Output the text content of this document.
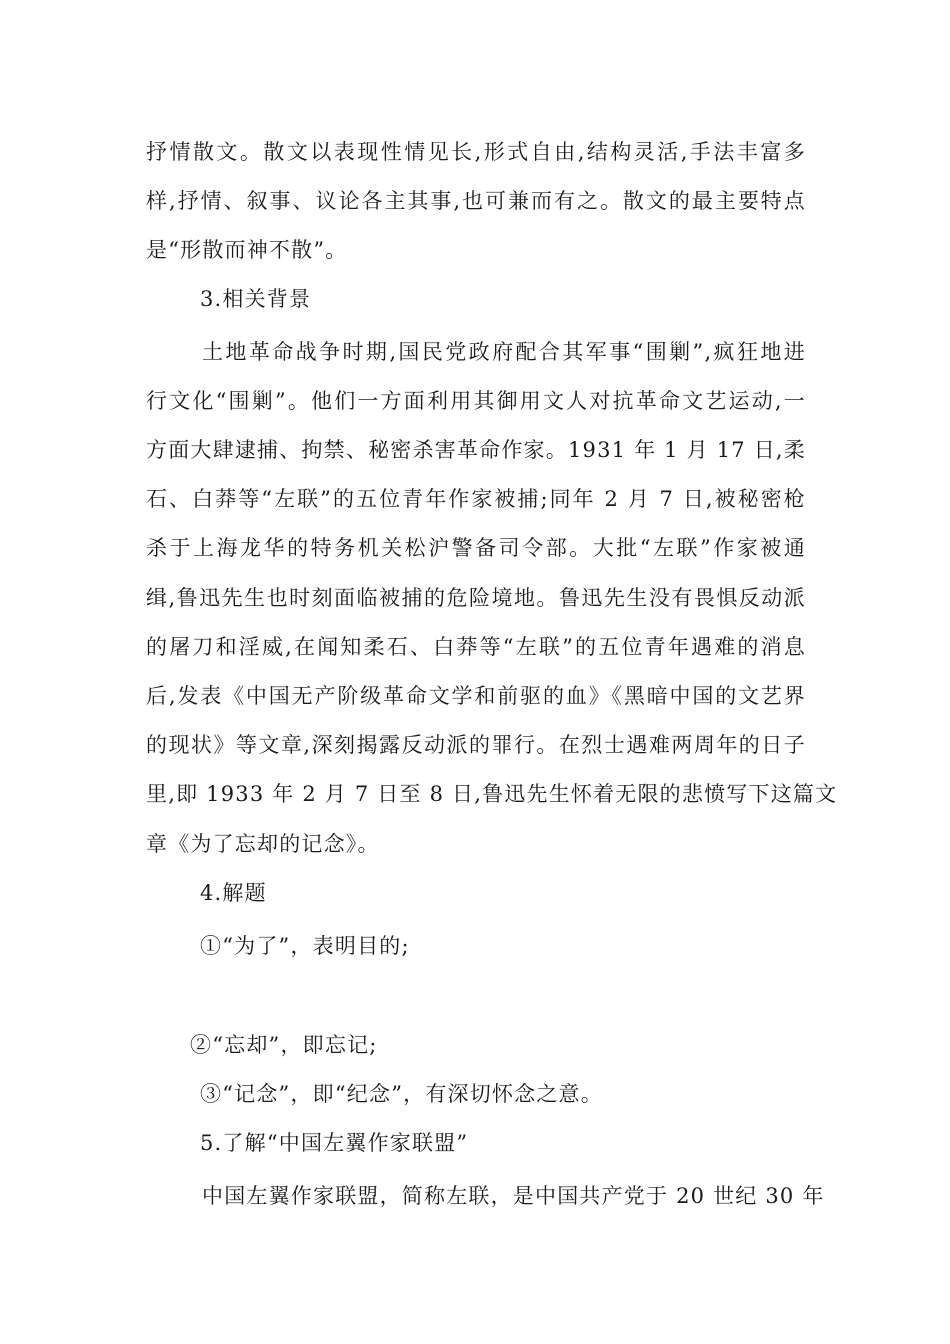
抒情散文。散文以表现性情见长,形式自由,结构灵活,手法丰富多
样,抒情、叙事、议论各主其事,也可兼而有之。散文的最主要特点
是“形散而神不散”。
3.相关背景
土地革命战争时期,国民党政府配合其军事“围剿”,疯狂地进
行文化“围剿”。他们一方面利用其御用文人对抗革命文艺运动,一
方面大肆逮捕、拘禁、秘密杀害革命作家。1931 年 1 月 17 日,柔
石、白莽等“左联”的五位青年作家被捕;同年 2 月 7 日,被秘密枪
杀于上海龙华的特务机关松沪警备司令部。大批“左联”作家被通
缉,鲁迅先生也时刻面临被捕的危险境地。鲁迅先生没有畏惧反动派
的屠刀和淫威,在闻知柔石、白莽等“左联”的五位青年遇难的消息
后,发表《中国无产阶级革命文学和前驱的血》《黑暗中国的文艺界
的现状》等文章,深刻揭露反动派的罪行。在烈士遇难两周年的日子
里,即 1933 年 2 月 7 日至 8 日,鲁迅先生怀着无限的悲愤写下这篇文
章《为了忘却的记念》。
4.解题
①“为了”，表明目的;
②“忘却”，即忘记;
③“记念”，即“纪念”，有深切怀念之意。
5.了解“中国左翼作家联盟”
中国左翼作家联盟，简称左联，是中国共产党于 20 世纪 30 年
